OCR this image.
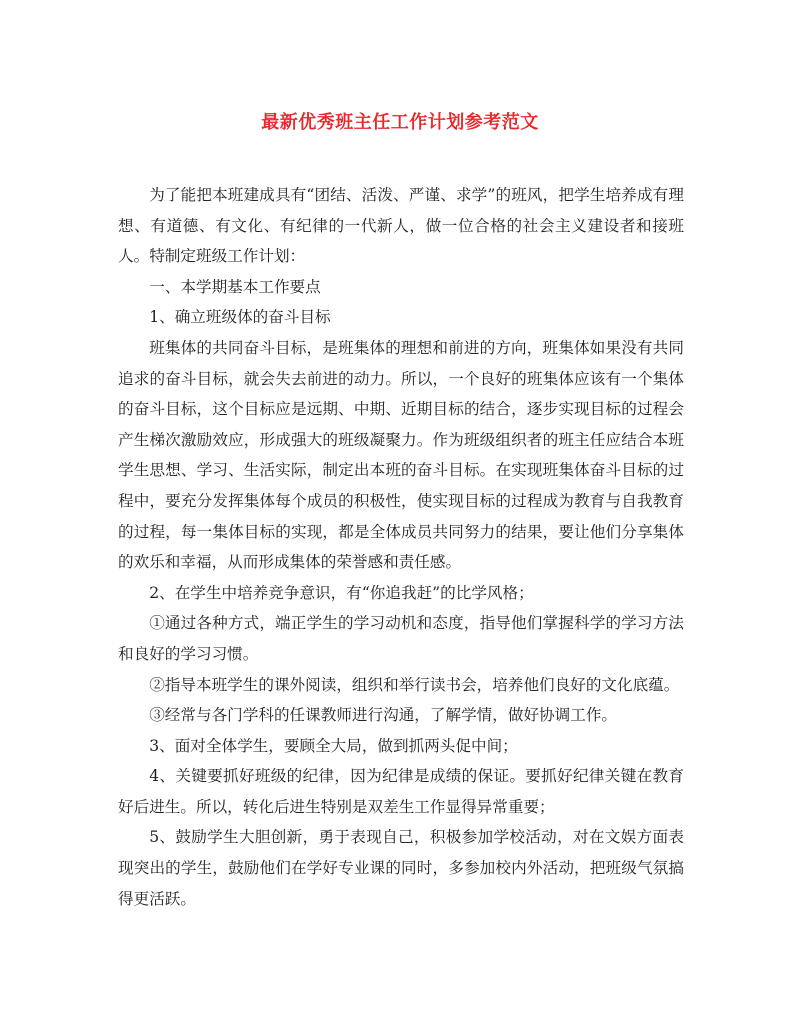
最新优秀班主任工作计划参考范文

为了能把本班建成具有“团结、活泼、严谨、求学”的班风，把学生培养成有理想、有道德、有文化、有纪律的一代新人，做一位合格的社会主义建设者和接班人。特制定班级工作计划：

一、本学期基本工作要点

1、确立班级体的奋斗目标

班集体的共同奋斗目标，是班集体的理想和前进的方向，班集体如果没有共同追求的奋斗目标，就会失去前进的动力。所以，一个良好的班集体应该有一个集体的奋斗目标，这个目标应是远期、中期、近期目标的结合，逐步实现目标的过程会产生梯次激励效应，形成强大的班级凝聚力。作为班级组织者的班主任应结合本班学生思想、学习、生活实际，制定出本班的奋斗目标。在实现班集体奋斗目标的过程中，要充分发挥集体每个成员的积极性，使实现目标的过程成为教育与自我教育的过程，每一集体目标的实现，都是全体成员共同努力的结果，要让他们分享集体的欢乐和幸福，从而形成集体的荣誉感和责任感。

2、在学生中培养竞争意识，有“你追我赶”的比学风格；

①通过各种方式，端正学生的学习动机和态度，指导他们掌握科学的学习方法和良好的学习习惯。

②指导本班学生的课外阅读，组织和举行读书会，培养他们良好的文化底蕴。

③经常与各门学科的任课教师进行沟通，了解学情，做好协调工作。

3、面对全体学生，要顾全大局，做到抓两头促中间；

4、关键要抓好班级的纪律，因为纪律是成绩的保证。要抓好纪律关键在教育好后进生。所以，转化后进生特别是双差生工作显得异常重要；

5、鼓励学生大胆创新，勇于表现自己，积极参加学校活动，对在文娱方面表现突出的学生，鼓励他们在学好专业课的同时，多参加校内外活动，把班级气氛搞得更活跃。
